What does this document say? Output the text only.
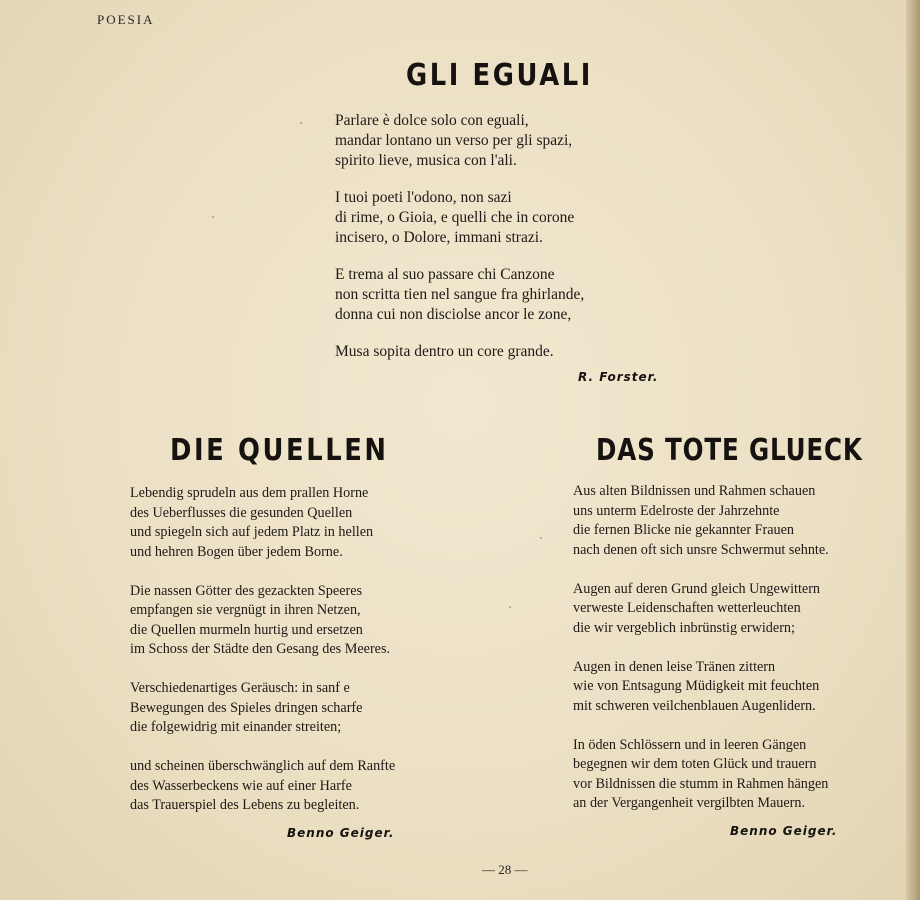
POESIA
GLI EGUALI
Parlare è dolce solo con eguali,
mandar lontano un verso per gli spazi,
spirito lieve, musica con l'ali.
I tuoi poeti l'odono, non sazi
di rime, o Gioia, e quelli che in corone
incisero, o Dolore, immani strazi.
E trema al suo passare chi Canzone
non scritta tien nel sangue fra ghirlande,
donna cui non disciolse ancor le zone,
Musa sopita dentro un core grande.
R. Forster.
DIE QUELLEN
Lebendig sprudeln aus dem prallen Horne
des Ueberflusses die gesunden Quellen
und spiegeln sich auf jedem Platz in hellen
und hehren Bogen über jedem Borne.
Die nassen Götter des gezackten Speeres
empfangen sie vergnügt in ihren Netzen,
die Quellen murmeln hurtig und ersetzen
im Schoss der Städte den Gesang des Meeres.
Verschiedenartiges Geräusch: in sanf e
Bewegungen des Spieles dringen scharfe
die folgewidrig mit einander streiten;
und scheinen überschwänglich auf dem Ranfte
des Wasserbeckens wie auf einer Harfe
das Trauerspiel des Lebens zu begleiten.
Benno Geiger.
DAS TOTE GLUECK
Aus alten Bildnissen und Rahmen schauen
uns unterm Edelroste der Jahrzehnte
die fernen Blicke nie gekannter Frauen
nach denen oft sich unsre Schwermut sehnte.
Augen auf deren Grund gleich Ungewittern
verweste Leidenschaften wetterleuchten
die wir vergeblich inbrünstig erwidern;
Augen in denen leise Tränen zittern
wie von Entsagung Müdigkeit mit feuchten
mit schweren veilchenblauen Augenlidern.
In öden Schlössern und in leeren Gängen
begegnen wir dem toten Glück und trauern
vor Bildnissen die stumm in Rahmen hängen
an der Vergangenheit vergilbten Mauern.
Benno Geiger.
— 28 —
